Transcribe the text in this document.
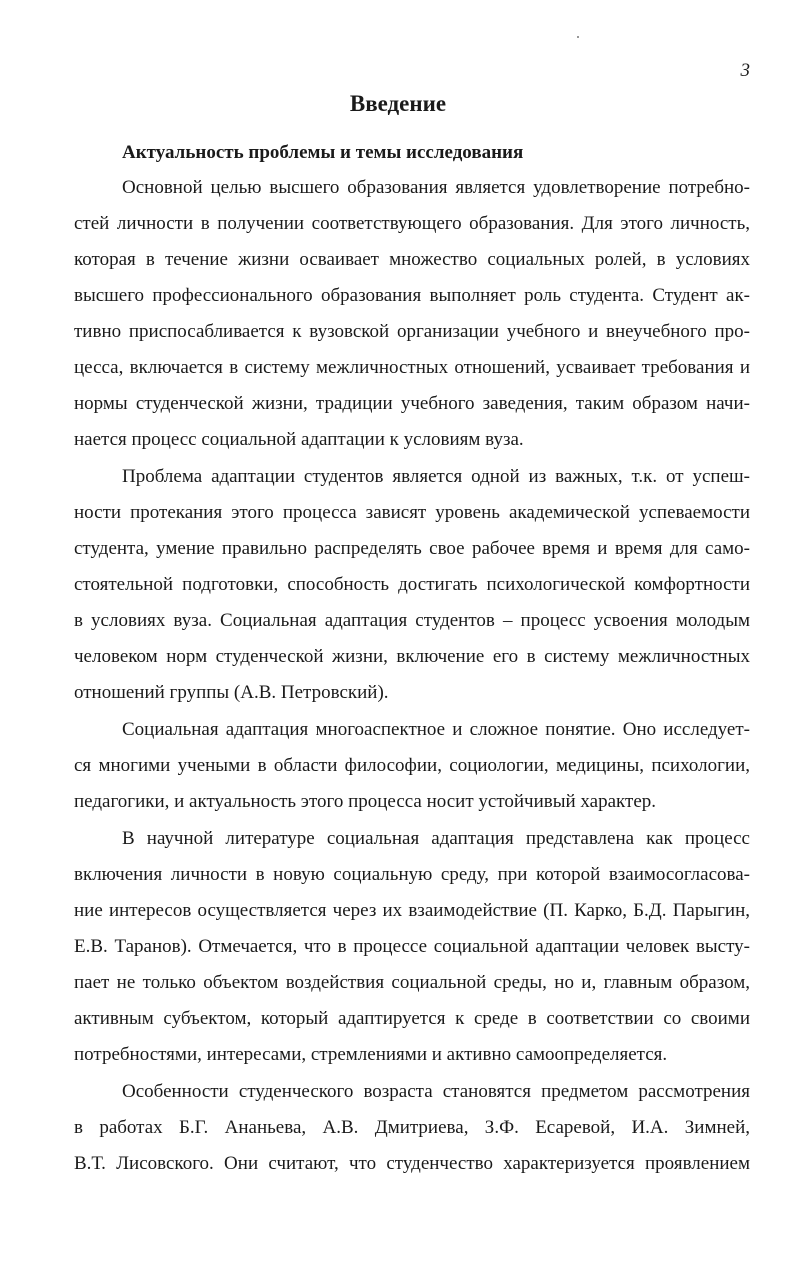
3
Введение
Актуальность проблемы и темы исследования
Основной целью высшего образования является удовлетворение потребно-
стей личности в получении соответствующего образования. Для этого личность,
которая в течение жизни осваивает множество социальных ролей, в условиях
высшего профессионального образования выполняет роль студента. Студент ак-
тивно приспосабливается к вузовской организации учебного и внеучебного про-
цесса, включается в систему межличностных отношений, усваивает требования и
нормы студенческой жизни, традиции учебного заведения, таким образом начи-
нается процесс социальной адаптации к условиям вуза.
Проблема адаптации студентов является одной из важных, т.к. от успеш-
ности протекания этого процесса зависят уровень академической успеваемости
студента, умение правильно распределять свое рабочее время и время для само-
стоятельной подготовки, способность достигать психологической комфортности
в условиях вуза. Социальная адаптация студентов – процесс усвоения молодым
человеком норм студенческой жизни, включение его в систему межличностных
отношений группы (А.В. Петровский).
Социальная адаптация многоаспектное и сложное понятие. Оно исследует-
ся многими учеными в области философии, социологии, медицины, психологии,
педагогики, и актуальность этого процесса носит устойчивый характер.
В научной литературе социальная адаптация представлена как процесс
включения личности в новую социальную среду, при которой взаимосогласова-
ние интересов осуществляется через их взаимодействие (П. Карко, Б.Д. Парыгин,
Е.В. Таранов). Отмечается, что в процессе социальной адаптации человек высту-
пает не только объектом воздействия социальной среды, но и, главным образом,
активным субъектом, который адаптируется к среде в соответствии со своими
потребностями, интересами, стремлениями и активно самоопределяется.
Особенности студенческого возраста становятся предметом рассмотрения
в работах Б.Г. Ананьева, А.В. Дмитриева, З.Ф. Есаревой, И.А. Зимней,
В.Т. Лисовского. Они считают, что студенчество характеризуется проявлением
